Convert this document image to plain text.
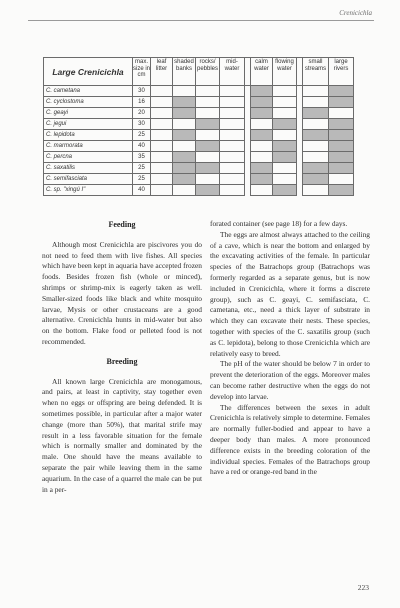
Crenicichla
Large Crenicichla	max. size in cm	leaf litter	shaded banks	rocks/ pebbles	mid- water		calm water	flowing water		small streams	large rivers
C. cametana	30										
C. cyclostoma	16										
C. geayi	20										
C. jegui	30										
C. lepidota	25										
C. marmorata	40										
C. percna	35										
C. saxatilis	25										
C. semifasciata	25										
C. sp. "xingú I"	40										
Feeding

Although most Crenicichla are piscivores you do not need to feed them with live fishes. All species which have been kept in aquaria have accepted frozen foods. Besides frozen fish (whole or minced), shrimps or shrimp-mix is eagerly taken as well. Smaller-sized foods like black and white mosquito larvae, Mysis or other crustaceans are a good alternative. Crenicichla hunts in mid-water but also on the bottom. Flake food or pelleted food is not recommended.

Breeding

All known large Crenicichla are monogamous, and pairs, at least in captivity, stay together even when no eggs or offspring are being defended. It is sometimes possible, in particular after a major water change (more than 50%), that marital strife may result in a less favorable situation for the female which is normally smaller and dominated by the male. One should have the means available to separate the pair while leaving them in the same aquarium. In the case of a quarrel the male can be put in a per-

forated container (see page 18) for a few days.

The eggs are almost always attached to the ceiling of a cave, which is near the bottom and enlarged by the excavating activities of the female. In particular species of the Batrachops group (Batrachops was formerly regarded as a separate genus, but is now included in Crenicichla, where it forms a discrete group), such as C. geayi, C. semifasciata, C. cametana, etc., need a thick layer of substrate in which they can excavate their nests. These species, together with species of the C. saxatilis group (such as C. lepidota), belong to those Crenicichla which are relatively easy to breed.

The pH of the water should be below 7 in order to prevent the deterioration of the eggs. Moreover males can become rather destructive when the eggs do not develop into larvae.

The differences between the sexes in adult Crenicichla is relatively simple to determine. Females are normally fuller-bodied and appear to have a deeper body than males. A more pronounced difference exists in the breeding coloration of the individual species. Females of the Batrachops group have a red or orange-red band in the

223
